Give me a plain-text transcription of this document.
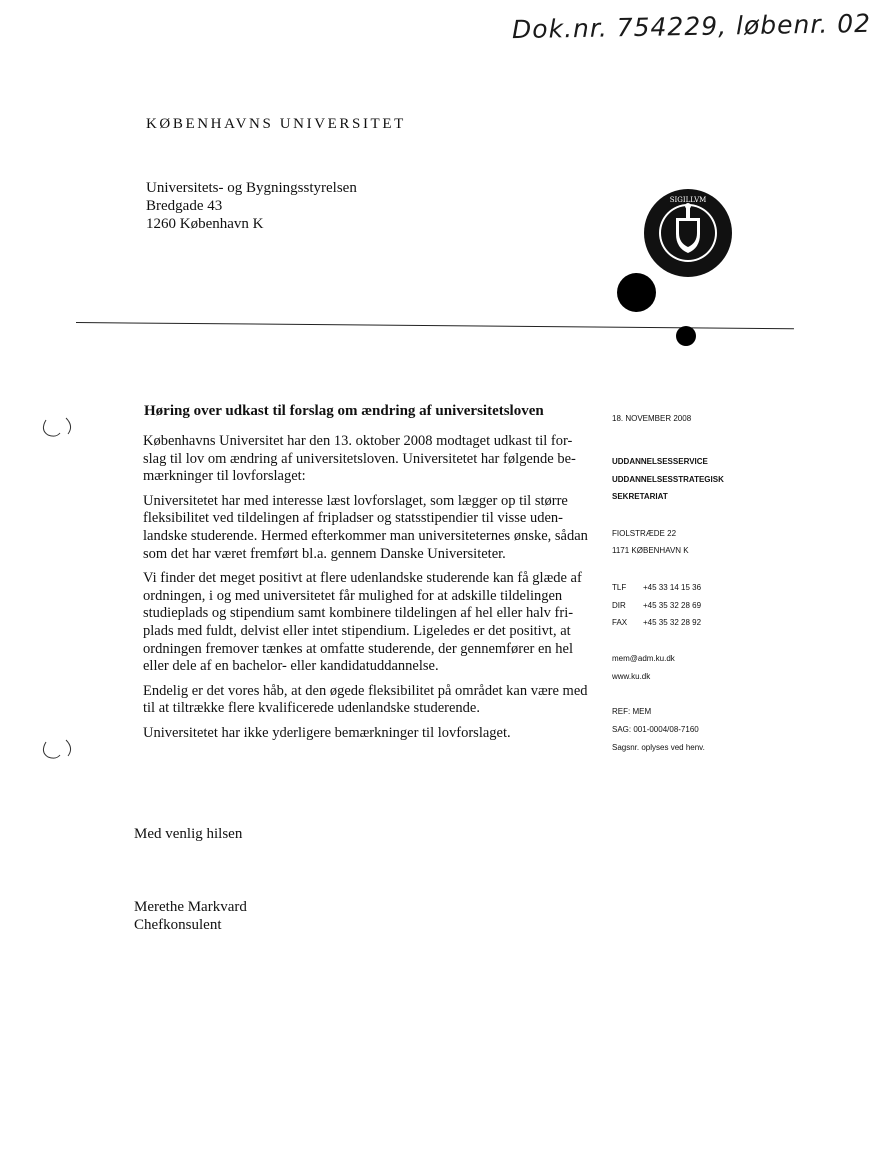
Dok.nr. 754229, løbenr. 02
KØBENHAVNS UNIVERSITET
Universitets- og Bygningsstyrelsen
Bredgade 43
1260 København K
SIGILLVM
Høring over udkast til forslag om ændring af universitetsloven

Københavns Universitet har den 13. oktober 2008 modtaget udkast til for-
slag til lov om ændring af universitetsloven. Universitetet har følgende be-
mærkninger til lovforslaget:

Universitetet har med interesse læst lovforslaget, som lægger op til større
fleksibilitet ved tildelingen af fripladser og statsstipendier til visse uden-
landske studerende. Hermed efterkommer man universiteternes ønske, sådan
som det har været fremført bl.a. gennem Danske Universiteter.

Vi finder det meget positivt at flere udenlandske studerende kan få glæde af
ordningen, i og med universitetet får mulighed for at adskille tildelingen
studieplads og stipendium samt kombinere tildelingen af hel eller halv fri-
plads med fuldt, delvist eller intet stipendium. Ligeledes er det positivt, at
ordningen fremover tænkes at omfatte studerende, der gennemfører en hel
eller dele af en bachelor- eller kandidatuddannelse.

Endelig er det vores håb, at den øgede fleksibilitet på området kan være med
til at tiltrække flere kvalificerede udenlandske studerende.

Universitetet har ikke yderligere bemærkninger til lovforslaget.

18. NOVEMBER 2008
UDDANNELSESSERVICE
UDDANNELSESSTRATEGISK
SEKRETARIAT
FIOLSTRÆDE 22
1171 KØBENHAVN K
TLF +45 33 14 15 36
DIR +45 35 32 28 69
FAX +45 35 32 28 92
mem@adm.ku.dk
www.ku.dk
REF: MEM
SAG: 001-0004/08-7160
Sagsnr. oplyses ved henv.
Med venlig hilsen
Merethe Markvard
Chefkonsulent
